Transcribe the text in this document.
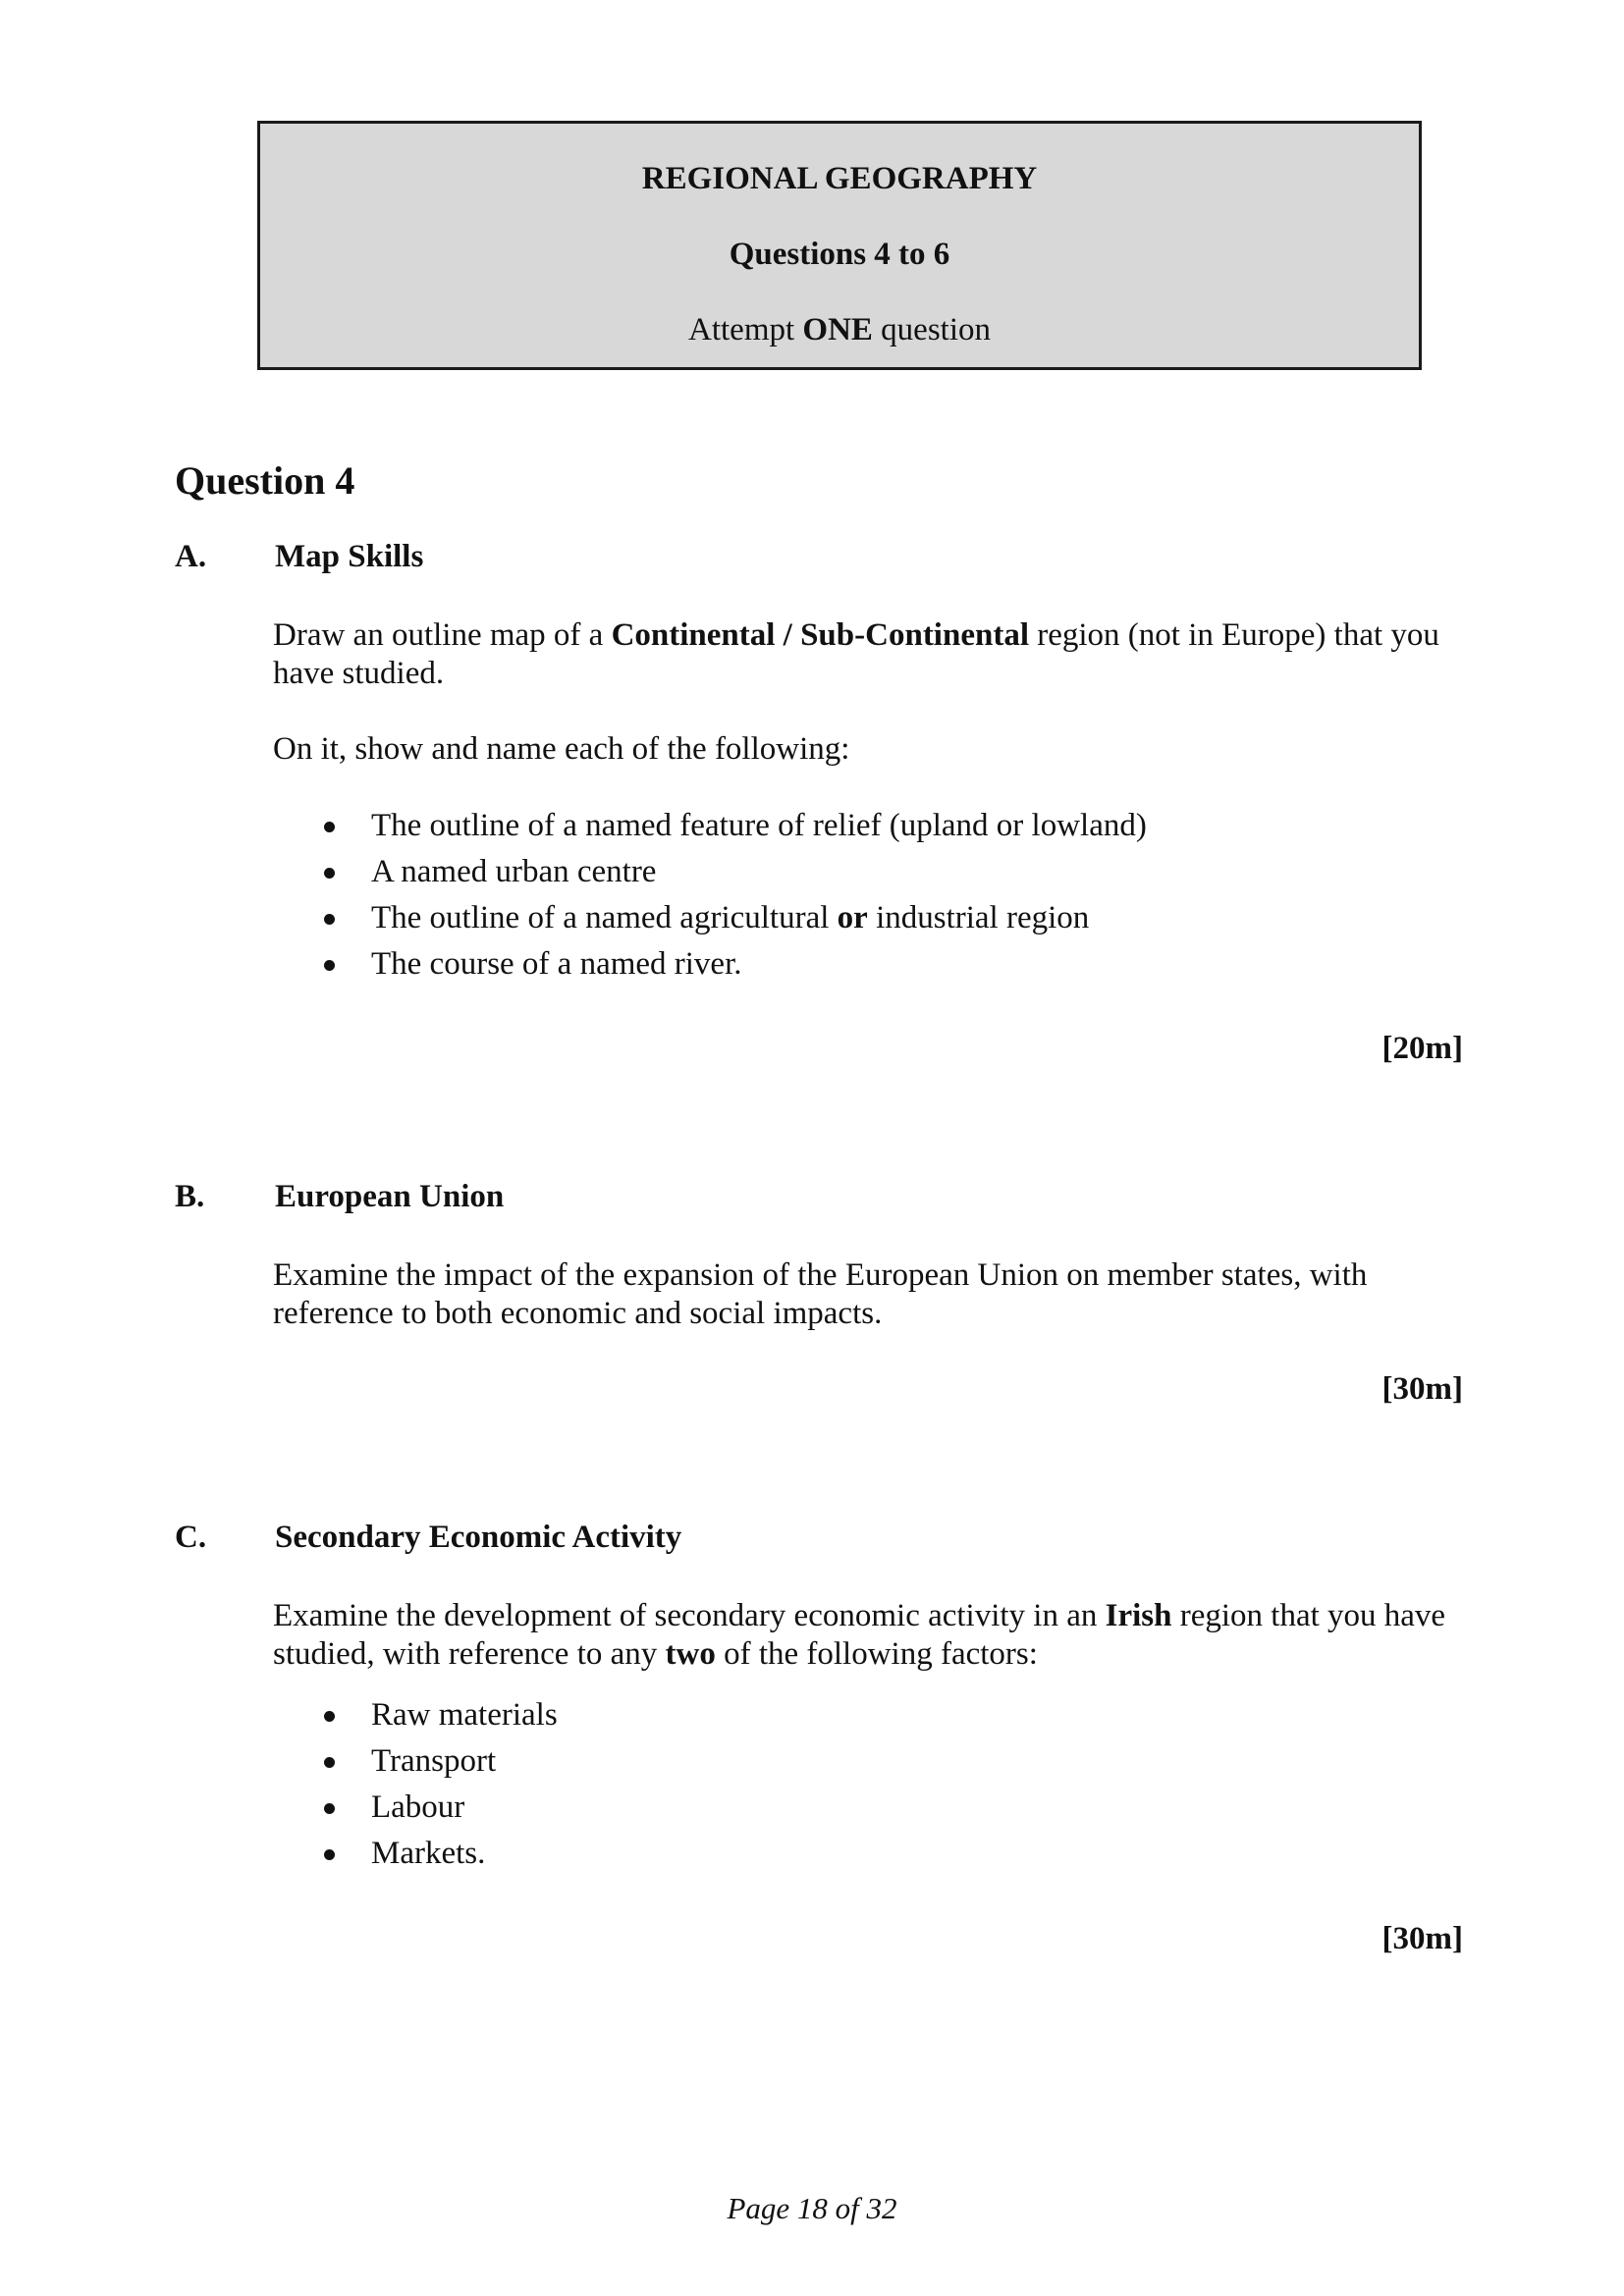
REGIONAL GEOGRAPHY
Questions 4 to 6
Attempt ONE question
Question 4
A. Map Skills
Draw an outline map of a Continental / Sub-Continental region (not in Europe) that you have studied.
On it, show and name each of the following:
The outline of a named feature of relief (upland or lowland)
A named urban centre
The outline of a named agricultural or industrial region
The course of a named river.
[20m]
B. European Union
Examine the impact of the expansion of the European Union on member states, with reference to both economic and social impacts.
[30m]
C. Secondary Economic Activity
Examine the development of secondary economic activity in an Irish region that you have studied, with reference to any two of the following factors:
Raw materials
Transport
Labour
Markets.
[30m]
Page 18 of 32
